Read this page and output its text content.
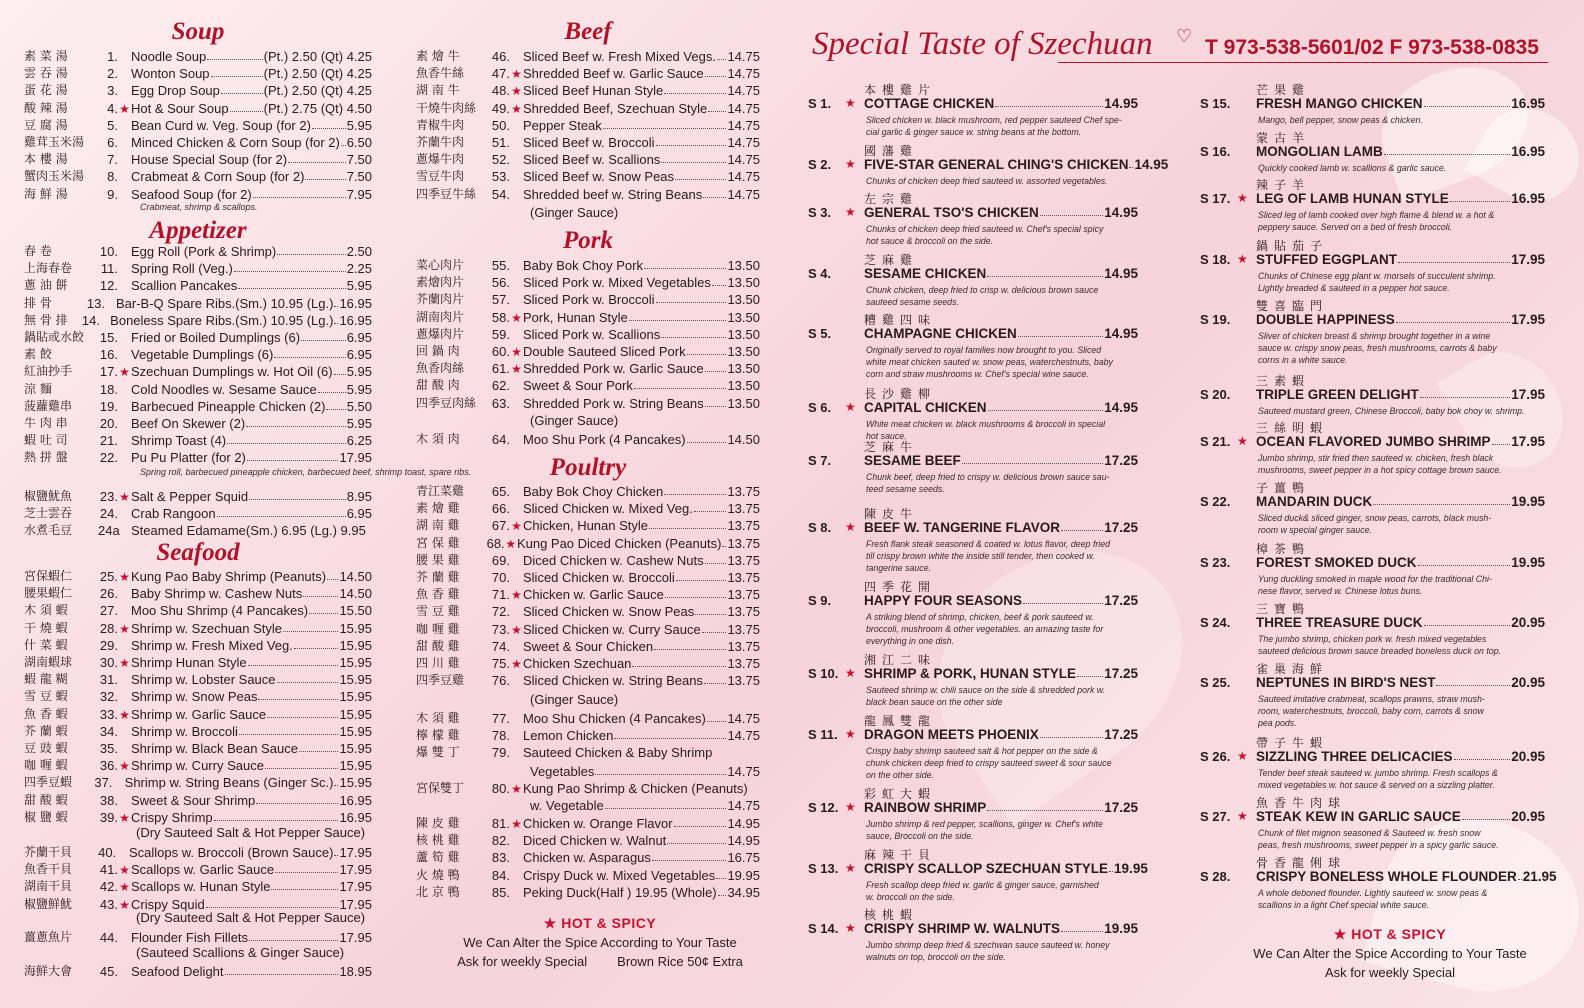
Special Taste of Szechuan ♡ T 973-538-5601/02 F 973-538-0835
★ HOT & SPICY
We Can Alter the Spice According to Your Taste
Ask for weekly Special Brown Rice 50¢ Extra
★ HOT & SPICY
We Can Alter the Spice According to Your Taste
Ask for weekly Special
Soup
素 菜 湯	1. Noodle Soup	(Pt.) 2.50 (Qt) 4.25
雲 吞 湯	2. Wonton Soup	(Pt.) 2.50 (Qt) 4.25
蛋 花 湯	3. Egg Drop Soup	(Pt.) 2.50 (Qt) 4.25
酸 辣 湯	4. ★ Hot & Sour Soup	(Pt.) 2.75 (Qt) 4.50
豆 腐 湯	5. Bean Curd w. Veg. Soup (for 2)	5.95
雞茸玉米湯	6. Minced Chicken & Corn Soup (for 2) 6.50
本 樓 湯	7. House Special Soup (for 2)	7.50
蟹肉玉米湯	8. Crabmeat & Corn Soup (for 2)	7.50
海 鮮 湯	9. Seafood Soup (for 2)	7.95
Crabmeat, shrimp & scallops.
Appetizer
春 卷	10. Egg Roll (Pork & Shrimp)	2.50
上海春卷	11. Spring Roll (Veg.)	2.25
蔥 油 餅	12. Scallion Pancakes	5.95
排 骨	13. Bar-B-Q Spare Ribs.(Sm.) 10.95 (Lg.) 16.95
無 骨 排	14. Boneless Spare Ribs.(Sm.) 10.95 (Lg.) 16.95
鍋貼或水餃	15. Fried or Boiled Dumplings (6)	6.95
素 餃	16. Vegetable Dumplings (6)	6.95
紅油抄手	17. ★ Szechuan Dumplings w. Hot Oil (6) 5.95
涼 麵	18. Cold Noodles w. Sesame Sauce 5.95
菠蘿雞串	19. Barbecued Pineapple Chicken (2) 5.50
牛 肉 串	20. Beef On Skewer (2)	5.95
蝦 吐 司	21. Shrimp Toast (4)	6.25
熱 拼 盤	22. Pu Pu Platter (for 2)	17.95
Spring roll, barbecued pineapple chicken, barbecued beef, shrimp toast, spare ribs.
椒鹽魷魚	23. ★ Salt & Pepper Squid	8.95
芝士雲吞	24. Crab Rangoon	6.95
水煮毛豆	24a Steamed Edamame(Sm.) 6.95 (Lg.) 9.95
Seafood
宮保蝦仁	25. ★ Kung Pao Baby Shrimp (Peanuts) 14.50
腰果蝦仁	26. Baby Shrimp w. Cashew Nuts	14.50
木 須 蝦	27. Moo Shu Shrimp (4 Pancakes) 15.50
干 燒 蝦	28. ★ Shrimp w. Szechuan Style	15.95
什 菜 蝦	29. Shrimp w. Fresh Mixed Veg.	15.95
湖南蝦球	30. ★ Shrimp Hunan Style	15.95
蝦 龍 糊	31. Shrimp w. Lobster Sauce	15.95
雪 豆 蝦	32. Shrimp w. Snow Peas	15.95
魚 香 蝦	33. ★ Shrimp w. Garlic Sauce	15.95
芥 蘭 蝦	34. Shrimp w. Broccoli	15.95
豆 豉 蝦	35. Shrimp w. Black Bean Sauce	15.95
咖 喱 蝦	36. ★ Shrimp w. Curry Sauce	15.95
四季豆蝦	37. Shrimp w. String Beans (Ginger Sc.) 15.95
甜 酸 蝦	38. Sweet & Sour Shrimp	16.95
椒 鹽 蝦	39. ★ Crispy Shrimp	16.95
(Dry Sauteed Salt & Hot Pepper Sauce)
芥蘭干貝	40. Scallops w. Broccoli (Brown Sauce) 17.95
魚香干貝	41. ★ Scallops w. Garlic Sauce	17.95
湖南干貝	42. ★ Scallops w. Hunan Style	17.95
椒鹽鮮魷	43. ★ Crispy Squid	17.95
(Dry Sauteed Salt & Hot Pepper Sauce)
薑蔥魚片	44. Flounder Fish Fillets	17.95
(Sauteed Scallions & Ginger Sauce)
海鮮大會	45. Seafood Delight	18.95
Beef
素 燴 牛	46. Sliced Beef w. Fresh Mixed Vegs. 14.75
魚香牛絲	47. ★ Shredded Beef w. Garlic Sauce 14.75
湖 南 牛	48. ★ Sliced Beef Hunan Style	14.75
干燒牛肉絲	49. ★ Shredded Beef, Szechuan Style 14.75
青椒牛肉	50. Pepper Steak	14.75
芥蘭牛肉	51. Sliced Beef w. Broccoli	14.75
蔥爆牛肉	52. Sliced Beef w. Scallions	14.75
雪豆牛肉	53. Sliced Beef w. Snow Peas	14.75
四季豆牛絲	54. Shredded beef w. String Beans 14.75
(Ginger Sauce)
Pork
菜心肉片	55. Baby Bok Choy Pork	13.50
素燴肉片	56. Sliced Pork w. Mixed Vegetables 13.50
芥蘭肉片	57. Sliced Pork w. Broccoli	13.50
湖南肉片	58. ★ Pork, Hunan Style	13.50
蔥爆肉片	59. Sliced Pork w. Scallions	13.50
回 鍋 肉	60. ★ Double Sauteed Sliced Pork	13.50
魚香肉絲	61. ★ Shredded Pork w. Garlic Sauce 13.50
甜 酸 肉	62. Sweet & Sour Pork	13.50
四季豆肉絲	63. Shredded Pork w. String Beans 13.50
(Ginger Sauce)
木 須 肉	64. Moo Shu Pork (4 Pancakes)	14.50
Poultry
青江菜雞	65. Baby Bok Choy Chicken	13.75
素 燴 雞	66. Sliced Chicken w. Mixed Veg.	13.75
湖 南 雞	67. ★ Chicken, Hunan Style	13.75
宮 保 雞	68. ★ Kung Pao Diced Chicken (Peanuts) 13.75
腰 果 雞	69. Diced Chicken w. Cashew Nuts 13.75
芥 蘭 雞	70. Sliced Chicken w. Broccoli	13.75
魚 香 雞	71. ★ Chicken w. Garlic Sauce	13.75
雪 豆 雞	72. Sliced Chicken w. Snow Peas	13.75
咖 喱 雞	73. ★ Sliced Chicken w. Curry Sauce 13.75
甜 酸 雞	74. Sweet & Sour Chicken	13.75
四 川 雞	75. ★ Chicken Szechuan	13.75
四季豆雞	76. Sliced Chicken w. String Beans 13.75
(Ginger Sauce)
木 須 雞	77. Moo Shu Chicken (4 Pancakes) 14.75
檸 檬 雞	78. Lemon Chicken	14.75
爆 雙 丁	79. Sauteed Chicken & Baby Shrimp
Vegetables	14.75
宮保雙丁	80. ★ Kung Pao Shrimp & Chicken (Peanuts)
w. Vegetable	14.75
陳 皮 雞	81. ★ Chicken w. Orange Flavor	14.95
核 桃 雞	82. Diced Chicken w. Walnut	14.95
蘆 筍 雞	83. Chicken w. Asparagus	16.75
火 燒 鴨	84. Crispy Duck w. Mixed Vegetables 19.95
北 京 鴨	85. Peking Duck(Half ) 19.95 (Whole) 34.95
本樓雞片
S 1. ★ COTTAGE CHICKEN	14.95
Sliced chicken w. black mushroom, red pepper sauteed Chef spe-
cial garlic & ginger sauce w. string beans at the bottom.
國藩雞
S 2. ★ FIVE-STAR GENERAL CHING'S CHICKEN 14.95
Chunks of chicken deep fried sauteed w. assorted vegetables.
左宗雞
S 3. ★ GENERAL TSO'S CHICKEN	14.95
Chunks of chicken deep fried sauteed w. Chef's special spicy
hot sauce & broccoli on the side.
芝麻雞
S 4. SESAME CHICKEN	14.95
Chunk chicken, deep fried to crisp w. delicious brown sauce
sauteed sesame seeds.
糟雞四味
S 5. CHAMPAGNE CHICKEN	14.95
Originally served to royal families now brought to you. Sliced
white meat chicken sauted w. snow peas, waterchestnuts, baby
corn and straw mushrooms w. Chef's special wine sauce.
長沙雞柳
S 6. ★ CAPITAL CHICKEN	14.95
White meat chicken w. black mushrooms & broccoli in special
hot sauce.
芝麻牛
S 7. SESAME BEEF	17.25
Chunk beef, deep fried to crispy w. delicious brown sauce sau-
teed sesame seeds.
陳皮牛
S 8. ★ BEEF W. TANGERINE FLAVOR	17.25
Fresh flank steak seasoned & coated w. lotus flavor, deep fried
till crispy brown white the inside still tender, then cooked w.
tangerine sauce.
四季花開
S 9. HAPPY FOUR SEASONS	17.25
A striking blend of shrimp, chicken, beef & pork sauteed w.
broccoli, mushroom & other vegetables. an amazing taste for
everything in one dish.
湘江二味
S 10. ★ SHRIMP & PORK, HUNAN STYLE 17.25
Sauteed shrimp w. chili sauce on the side & shredded pork w.
black bean sauce on the other side
龍鳳雙龍
S 11. ★ DRAGON MEETS PHOENIX	17.25
Crispy baby shrimp sauteed salt & hot pepper on the side &
chunk chicken deep fried to crispy sauteed sweet & sour sauce
on the other side.
彩虹大蝦
S 12. ★ RAINBOW SHRIMP	17.25
Jumbo shrimp & red pepper, scallions, ginger w. Chef's white
sauce, Broccoli on the side.
麻辣干貝
S 13. ★ CRISPY SCALLOP SZECHUAN STYLE 19.95
Fresh scallop deep fried w. garlic & ginger sauce, garnished
w. broccoli on the side.
核桃蝦
S 14. ★ CRISPY SHRIMP W. WALNUTS	19.95
Jumbo shrimp deep fried & szechwan sauce sauteed w. honey
walnuts on top, broccoli on the side.
芒果雞
S 15. FRESH MANGO CHICKEN	16.95
Mango, bell pepper, snow peas & chicken.
蒙古羊
S 16. MONGOLIAN LAMB	16.95
Quickly cooked lamb w. scallions & garlic sauce.
辣子羊
S 17. ★ LEG OF LAMB HUNAN STYLE	16.95
Sliced leg of lamb cooked over high flame & blend w. a hot &
peppery sauce. Served on a bed of fresh broccoli.
鍋貼茄子
S 18. ★ STUFFED EGGPLANT	17.95
Chunks of Chinese egg plant w. morsels of succulent shrimp.
Lightly breaded & sauteed in a pepper hot sauce.
雙喜臨門
S 19. DOUBLE HAPPINESS	17.95
Sliver of chicken breast & shrimp brought together in a wine
sauce w. crispy snow peas, fresh mushrooms, carrots & baby
corns in a white sauce.
三素蝦
S 20. TRIPLE GREEN DELIGHT	17.95
Sauteed mustard green, Chinese Broccoli, baby bok choy w. shrimp.
三絲明蝦
S 21. ★ OCEAN FLAVORED JUMBO SHRIMP 17.95
Jumbo shrimp, stir fried then sauteed w. chicken, fresh black
mushrooms, sweet pepper in a hot spicy cottage brown sauce.
子薑鴨
S 22. MANDARIN DUCK	19.95
Sliced duck& sliced ginger, snow peas, carrots, black mush-
room w special ginger sauce.
樟茶鴨
S 23. FOREST SMOKED DUCK	19.95
Yung duckling smoked in maple wood for the traditional Chi-
nese flavor, served w. Chinese lotus buns.
三寶鴨
S 24. THREE TREASURE DUCK	20.95
The jumbo shrimp, chicken pork w. fresh mixed vegetables
sauteed delicious brown sauce breaded boneless duck on top.
雀巢海鮮
S 25. NEPTUNES IN BIRD'S NEST	20.95
Sauteed imitative crabmeat, scallops prawns, straw mush-
room, waterchestnuts, broccoli, baby corn, carrots & snow
pea pods.
帶子牛蝦
S 26. ★ SIZZLING THREE DELICACIES	20.95
Tender beef steak sauteed w. jumbo shrimp. Fresh scallops &
mixed vegetables w. hot sauce & served on a sizzling platter.
魚香牛肉球
S 27. ★ STEAK KEW IN GARLIC SAUCE	20.95
Chunk of filet mignon seasoned & Sauteed w. fresh snow
peas, fresh mushrooms, sweet pepper in a spicy garlic sauce.
骨香龍俐球
S 28. CRISPY BONELESS WHOLE FLOUNDER 21.95
A whole deboned flounder. Lightly sauteed w. snow peas &
scallions in a light Chef special white sauce.
